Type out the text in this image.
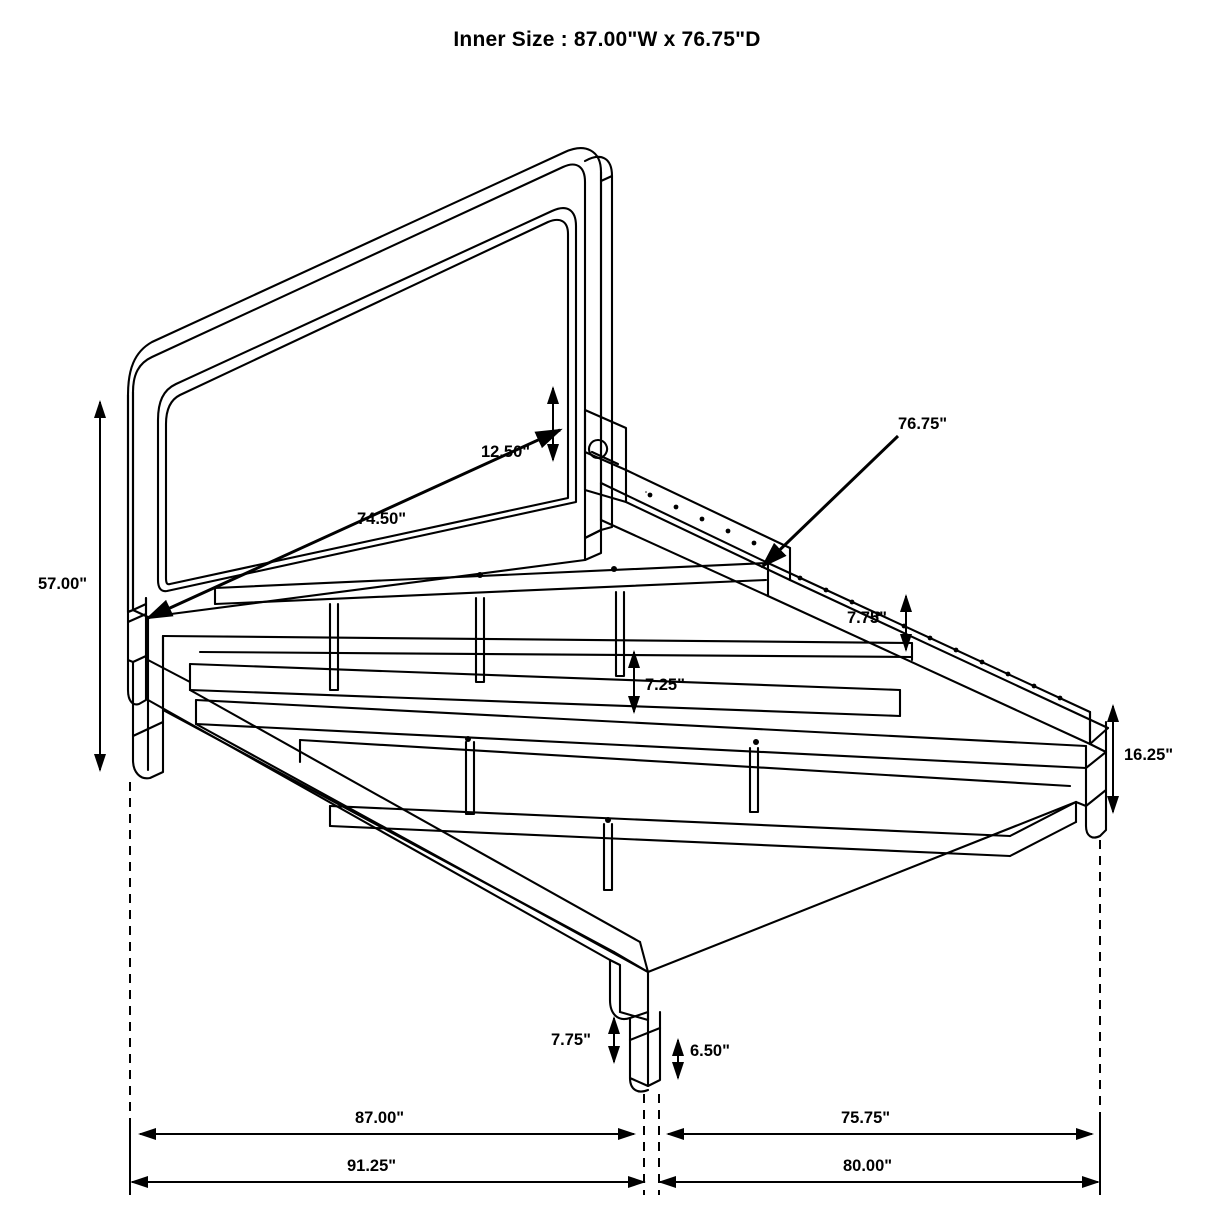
Inner Size : 87.00"W x 76.75"D
57.00"
12.50"
74.50"
76.75"
7.75"
7.25"
16.25"
7.75"
6.50"
87.00"	75.75"
91.25"	80.00"
